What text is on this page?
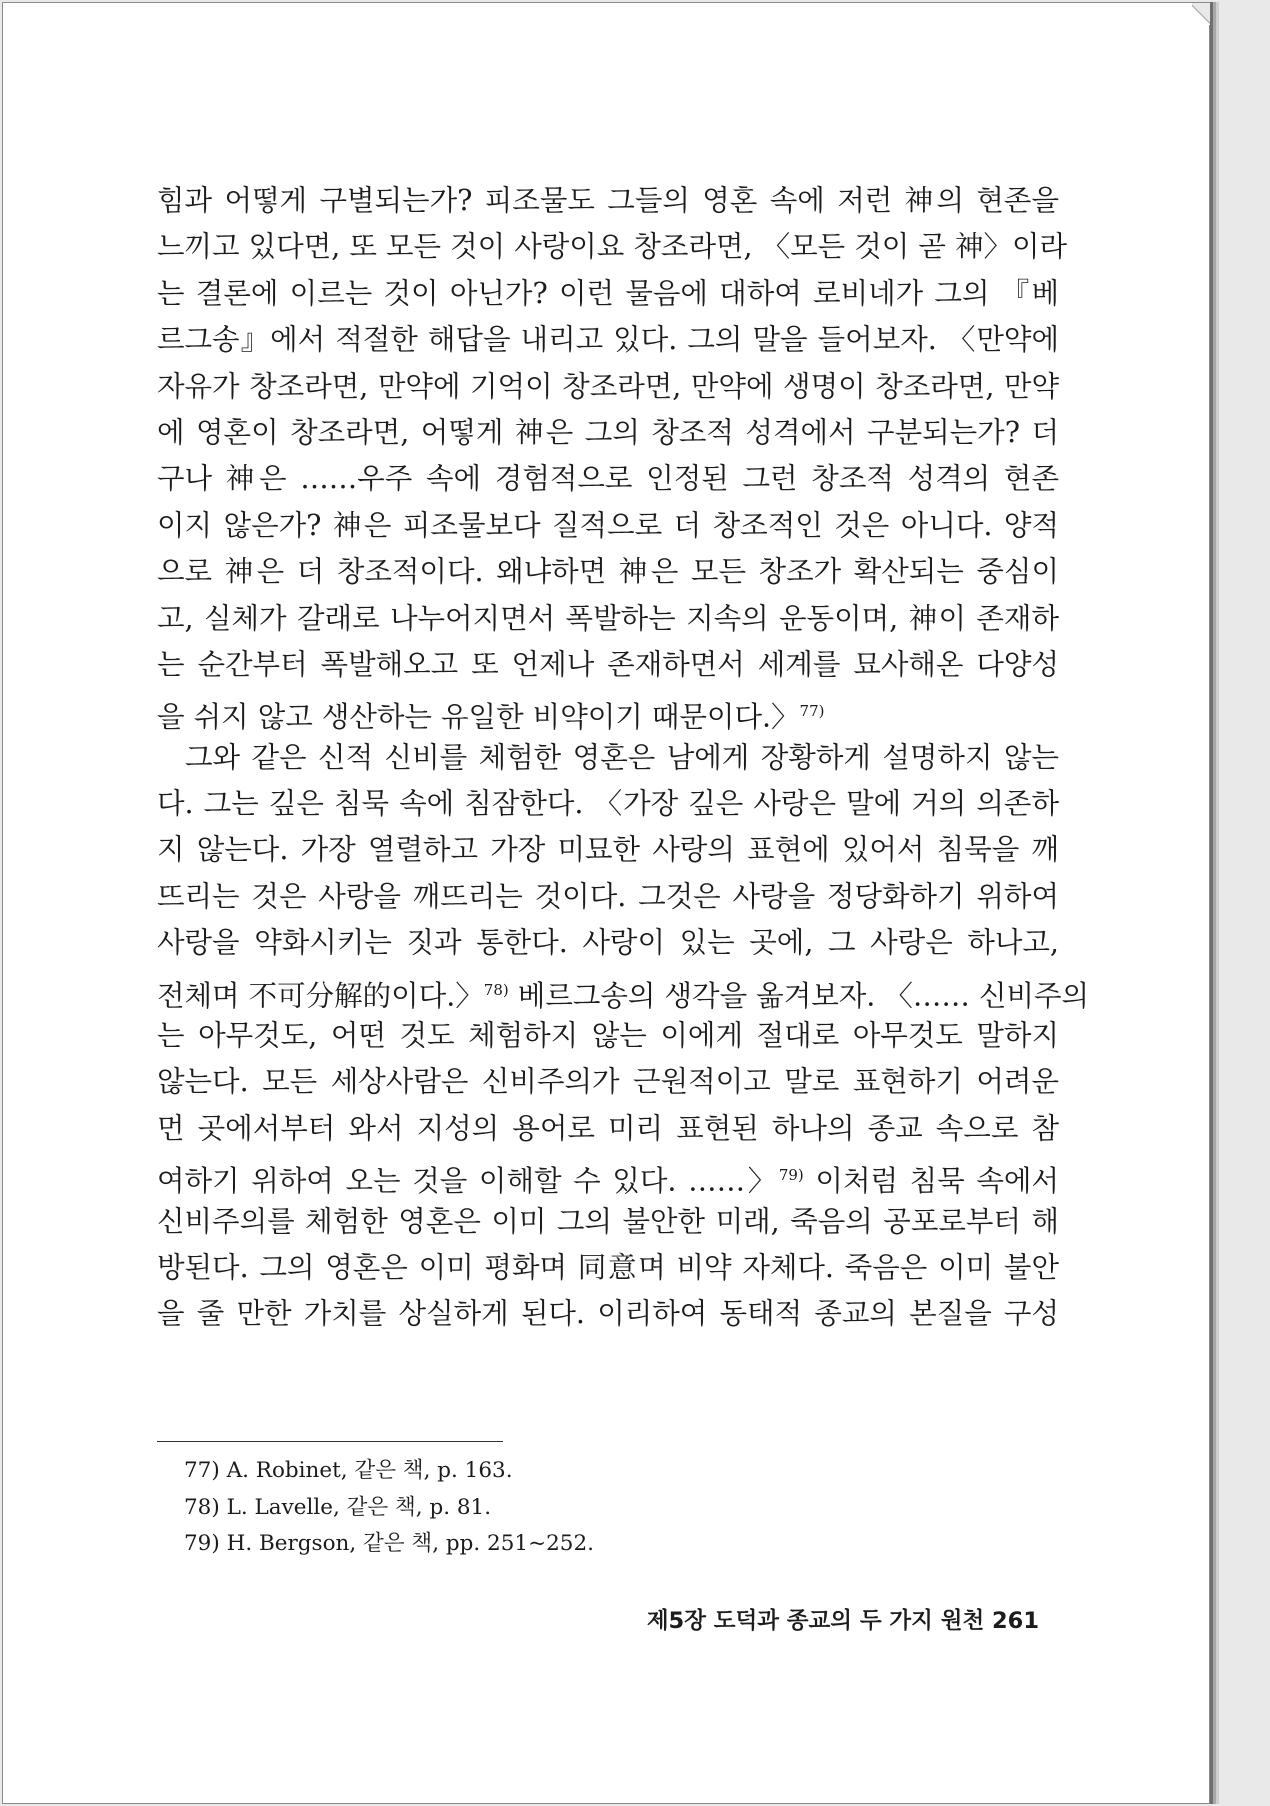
힘과 어떻게 구별되는가? 피조물도 그들의 영혼 속에 저런 神의 현존을
느끼고 있다면, 또 모든 것이 사랑이요 창조라면, 〈모든 것이 곧 神〉이라
는 결론에 이르는 것이 아닌가? 이런 물음에 대하여 로비네가 그의 『베
르그송』에서 적절한 해답을 내리고 있다. 그의 말을 들어보자. 〈만약에
자유가 창조라면, 만약에 기억이 창조라면, 만약에 생명이 창조라면, 만약
에 영혼이 창조라면, 어떻게 神은 그의 창조적 성격에서 구분되는가? 더
구나 神은 ……우주 속에 경험적으로 인정된 그런 창조적 성격의 현존
이지 않은가? 神은 피조물보다 질적으로 더 창조적인 것은 아니다. 양적
으로 神은 더 창조적이다. 왜냐하면 神은 모든 창조가 확산되는 중심이
고, 실체가 갈래로 나누어지면서 폭발하는 지속의 운동이며, 神이 존재하
는 순간부터 폭발해오고 또 언제나 존재하면서 세계를 묘사해온 다양성
을 쉬지 않고 생산하는 유일한 비약이기 때문이다.〉$^{77)}$
그와 같은 신적 신비를 체험한 영혼은 남에게 장황하게 설명하지 않는
다. 그는 깊은 침묵 속에 침잠한다. 〈가장 깊은 사랑은 말에 거의 의존하
지 않는다. 가장 열렬하고 가장 미묘한 사랑의 표현에 있어서 침묵을 깨
뜨리는 것은 사랑을 깨뜨리는 것이다. 그것은 사랑을 정당화하기 위하여
사랑을 약화시키는 짓과 통한다. 사랑이 있는 곳에, 그 사랑은 하나고,
전체며 不可分解的이다.〉$^{78)}$ 베르그송의 생각을 옮겨보자. 〈…… 신비주의
는 아무것도, 어떤 것도 체험하지 않는 이에게 절대로 아무것도 말하지
않는다. 모든 세상사람은 신비주의가 근원적이고 말로 표현하기 어려운
먼 곳에서부터 와서 지성의 용어로 미리 표현된 하나의 종교 속으로 참
여하기 위하여 오는 것을 이해할 수 있다. ……〉$^{79)}$ 이처럼 침묵 속에서
신비주의를 체험한 영혼은 이미 그의 불안한 미래, 죽음의 공포로부터 해
방된다. 그의 영혼은 이미 평화며 同意며 비약 자체다. 죽음은 이미 불안
을 줄 만한 가치를 상실하게 된다. 이리하여 동태적 종교의 본질을 구성
77) A. Robinet, 같은 책, p. 163.
78) L. Lavelle, 같은 책, p. 81.
79) H. Bergson, 같은 책, pp. 251~252.
제5장 도덕과 종교의 두 가지 원천 261
